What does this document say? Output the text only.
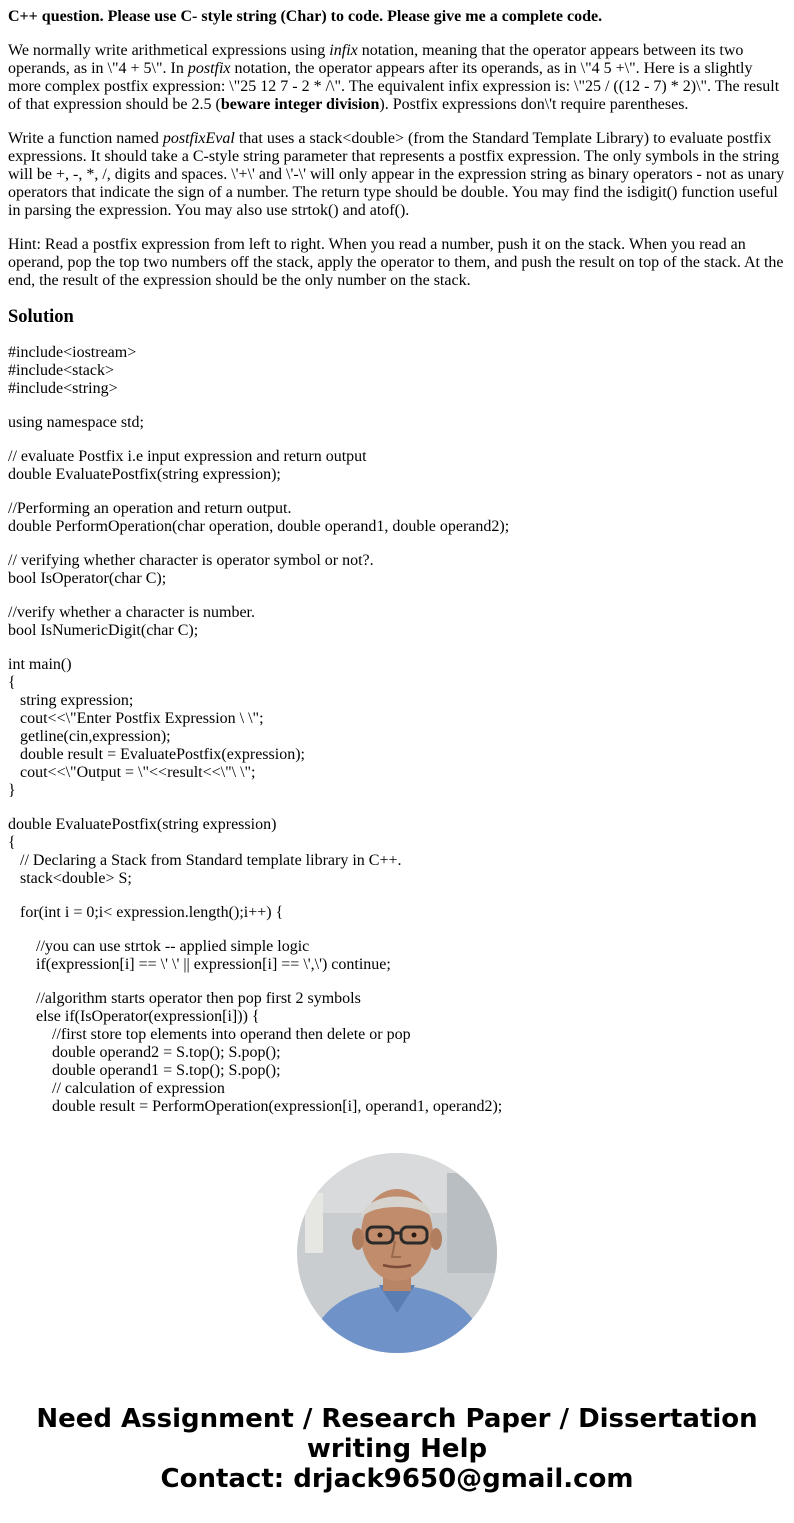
C++ question. Please use C- style string (Char) to code. Please give me a complete code.

We normally write arithmetical expressions using infix notation, meaning that the operator appears between its two operands, as in \"4 + 5\". In postfix notation, the operator appears after its operands, as in \"4 5 +\". Here is a slightly more complex postfix expression: \"25 12 7 - 2 * /\". The equivalent infix expression is: \"25 / ((12 - 7) * 2)\". The result of that expression should be 2.5 (beware integer division). Postfix expressions don\'t require parentheses.

Write a function named postfixEval that uses a stack<double> (from the Standard Template Library) to evaluate postfix expressions. It should take a C-style string parameter that represents a postfix expression. The only symbols in the string will be +, -, *, /, digits and spaces. \'+\' and \'-\' will only appear in the expression string as binary operators - not as unary operators that indicate the sign of a number. The return type should be double. You may find the isdigit() function useful in parsing the expression. You may also use strtok() and atof().

Hint: Read a postfix expression from left to right. When you read a number, push it on the stack. When you read an operand, pop the top two numbers off the stack, apply the operator to them, and push the result on top of the stack. At the end, the result of the expression should be the only number on the stack.

Solution
#include<iostream>
#include<stack>
#include<string>
using namespace std;
// evaluate Postfix i.e input expression and return output
double EvaluatePostfix(string expression);
//Performing an operation and return output.
double PerformOperation(char operation, double operand1, double operand2);
// verifying whether character is operator symbol or not?.
bool IsOperator(char C);
//verify whether a character is number.
bool IsNumericDigit(char C);
int main()
{
string expression;
cout<<\"Enter Postfix Expression \ \";
getline(cin,expression);
double result = EvaluatePostfix(expression);
cout<<\"Output = \"<<result<<\"\ \";
}
double EvaluatePostfix(string expression)
{
// Declaring a Stack from Standard template library in C++.
stack<double> S;
for(int i = 0;i< expression.length();i++) {
//you can use strtok -- applied simple logic
if(expression[i] == \' \' || expression[i] == \',\') continue;
//algorithm starts operator then pop first 2 symbols
else if(IsOperator(expression[i])) {
//first store top elements into operand then delete or pop
double operand2 = S.top(); S.pop();
double operand1 = S.top(); S.pop();
// calculation of expression
double result = PerformOperation(expression[i], operand1, operand2);
Need Assignment / Research Paper / Dissertation
writing Help
Contact: drjack9650@gmail.com
